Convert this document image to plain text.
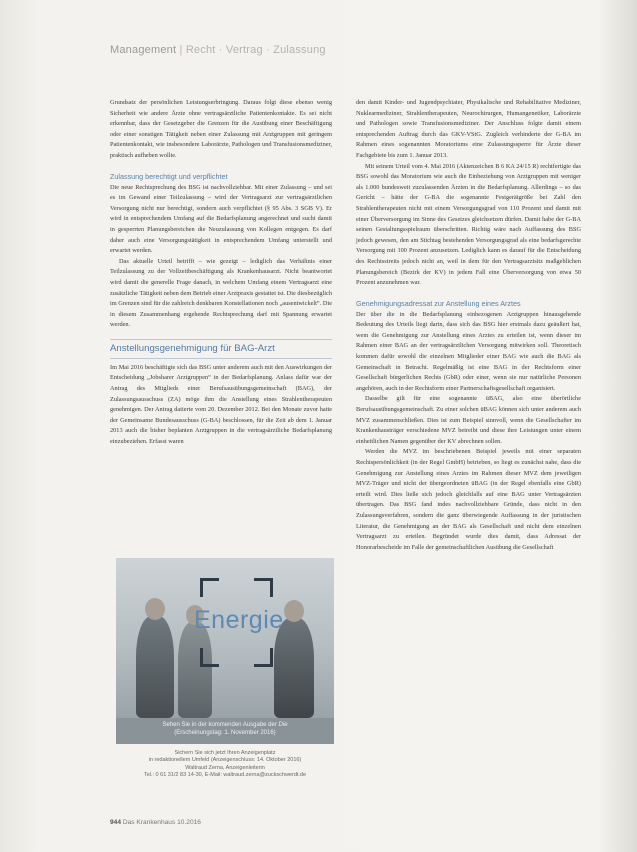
Management | Recht · Vertrag · Zulassung

Grundsatz der persönlichen Leistungserbringung. Daraus folgt diese ebenso wenig Sicherheit wie andere Ärzte ohne vertragsärztliche Patientenkontakte. Es sei nicht erkennbar, dass der Gesetzgeber die Grenzen für die Ausübung einer Beschäftigung oder einer sonstigen Tätigkeit neben einer Zulassung mit Arztgruppen mit geringem Patientenkontakt, wie insbesondere Laborärzte, Pathologen und Transfusionsmediziner, praktisch aufheben wollte.

Zulassung berechtigt und verpflichtet

Die neue Rechtsprechung des BSG ist nachvollziehbar. Mit einer Zulassung – und sei es im Gewand einer Teilzulassung – wird der Vertragsarzt zur vertragsärztlichen Versorgung nicht nur berechtigt, sondern auch verpflichtet (§ 95 Abs. 3 SGB V). Er wird in entsprechendem Umfang auf die Bedarfsplanung angerechnet und sucht damit in gesperrten Planungsbereichen die Neuzulassung von Kollegen entgegen. Es darf daher auch eine Versorgungstätigkeit in entsprechendem Umfang unterstellt und erwartet werden.

Das aktuelle Urteil betrifft – wie gezeigt – lediglich das Verhältnis einer Teilzulassung zu der Vollzeitbeschäftigung als Krankenhausarzt. Nicht beantwortet wird damit die generelle Frage danach, in welchem Umfang einem Vertragsarzt eine zusätzliche Tätigkeit neben dem Betrieb einer Arztpraxis gestattet ist. Die diesbezüglich im Grenzen sind für die zahlreich denkbaren Konstellationen noch „ausentwickelt“. Die in diesem Zusammenhang ergehende Rechtsprechung darf mit Spannung erwartet werden.

Anstellungsgenehmigung für BAG-Arzt

Im Mai 2016 beschäftigte sich das BSG unter anderem auch mit den Auswirkungen der Entscheidung „Jobsharer Arztgruppen“ in der Bedarfsplanung. Anlass dafür war der Antrag des Mitglieds einer Berufsausübungsgemeinschaft (BAG), der Zulassungsausschuss (ZA) möge ihm die Anstellung eines Strahlentherapeuten genehmigen. Der Antrag datierte vom 20. Dezember 2012. Bei den Monate zuvor hatte der Gemeinsame Bundesausschuss (G-BA) beschlossen, für die Zeit ab dem 1. Januar 2013 auch die bisher beplanten Arztgruppen in die vertragsärztliche Bedarfsplanung einzubeziehen. Erfasst waren

den damit Kinder- und Jugendpsychiater, Physikalische und Rehabilitative Mediziner, Nuklearmediziner, Strahlentherapeuten, Neurochirurgen, Humangenetiker, Laborärzte und Pathologen sowie Transfusionsmediziner. Der Anschluss folgte damit einem entsprechenden Auftrag durch das GKV-VStG. Zugleich verhinderte der G-BA im Rahmen eines sogenannten Moratoriums eine Zulassungssperre für Ärzte dieser Fachgebiete bis zum 1. Januar 2013.

Mit seinem Urteil vom 4. Mai 2016 (Aktenzeichen B 6 KA 24/15 R) rechtfertigte das BSG sowohl das Moratorium wie auch die Einbeziehung von Arztgruppen mit weniger als 1.000 bundesweit zuzulassenden Ärzten in die Bedarfsplanung. Allerdings – so das Gericht – hätte der G-BA die sogenannte Festgerätgröße bei Zahl den Strahlentherapeuten nicht mit einem Versorgungsgrad von 110 Prozent und damit mit einer Überversorgung im Sinne des Gesetzes gleichsetzen dürfen. Damit habe der G-BA seinen Gestaltungsspielraum überschritten. Richtig wäre nach Auffassung des BSG jedoch gewesen, den am Stichtag bestehenden Versorgungsgrad als eine bedarfsgerechte Versorgung mit 100 Prozent anzusetzen. Lediglich kann es darauf für die Entscheidung des Rechtsstreits jedoch nicht an, weil in dem für den Vertragsarztsitz maßgeblichen Planungsbereich (Bezirk der KV) in jedem Fall eine Überversorgung von etwa 50 Prozent anzunehmen war.

Genehmigungsadressat zur Anstellung eines Arztes

Der über die in die Bedarfsplanung einbezogenen Arztgruppen hinausgehende Bedeutung des Urteils liegt darin, dass sich das BSG hier erstmals dazu geäußert hat, wem die Genehmigung zur Anstellung eines Arztes zu erteilen ist, wenn dieser im Rahmen einer BAG an der vertragsärztlichen Versorgung mitwirken soll. Theoretisch kommen dafür sowohl die einzelnen Mitglieder einer BAG wie auch die BAG als Gemeinschaft in Betracht. Regelmäßig ist eine BAG in der Rechtsform einer Gesellschaft bürgerlichen Rechts (GbR) oder einer, wenn sie nur natürliche Personen angehören, auch in der Rechtsform einer Partnerschaftsgesellschaft organisiert.

Dasselbe gilt für eine sogenannte üBAG, also eine überörtliche Berufsausübungsgemeinschaft. Zu einer solchen üBAG können sich unter anderem auch MVZ zusammenschließen. Dies ist zum Beispiel sinnvoll, wenn die Gesellschafter im Krankenhausträger verschiedene MVZ betreibt und diese ihre Leistungen unter einem einheitlichen Namen gegenüber der KV abrechnen sollen.

Werden die MVZ im beschriebenen Beispiel jeweils mit einer separaten Rechtspersönlichkeit (in der Regel GmbH) betrieben, so liegt es zunächst nahe, dass die Genehmigung zur Anstellung eines Arztes im Rahmen dieser MVZ dem jeweiligen MVZ-Träger und nicht der übergeordneten üBAG (in der Regel ebenfalls eine GbR) erteilt wird. Dies ließe sich jedoch gleichfalls auf eine BAG unter Vertragsärzten übertragen. Das BSG fand indes nachvollziehbare Gründe, dass nicht in den Zulassungsverfahren, sondern die ganz überwiegende Auffassung in der juristischen Literatur, die Genehmigung an der BAG als Gesellschaft und nicht dem einzelnen Vertragsarzt zu erteilen. Begründet wurde dies damit, dass Adressat der Honorarbescheide im Falle der gemeinschaftlichen Ausübung die Gesellschaft

Energie
Sehen Sie in der kommenden Ausgabe der Die
(Erscheinungstag: 1. November 2016)
Sichern Sie sich jetzt Ihren Anzeigenplatz
in redaktionellem Umfeld (Anzeigenschluss: 14. Oktober 2016)
Waltraud Zerna, Anzeigenleiterin
Tel.: 0 61 31/2 83 14-30, E-Mail: waltraud.zerna@zuckschwerdt.de
944 Das Krankenhaus 10.2016
